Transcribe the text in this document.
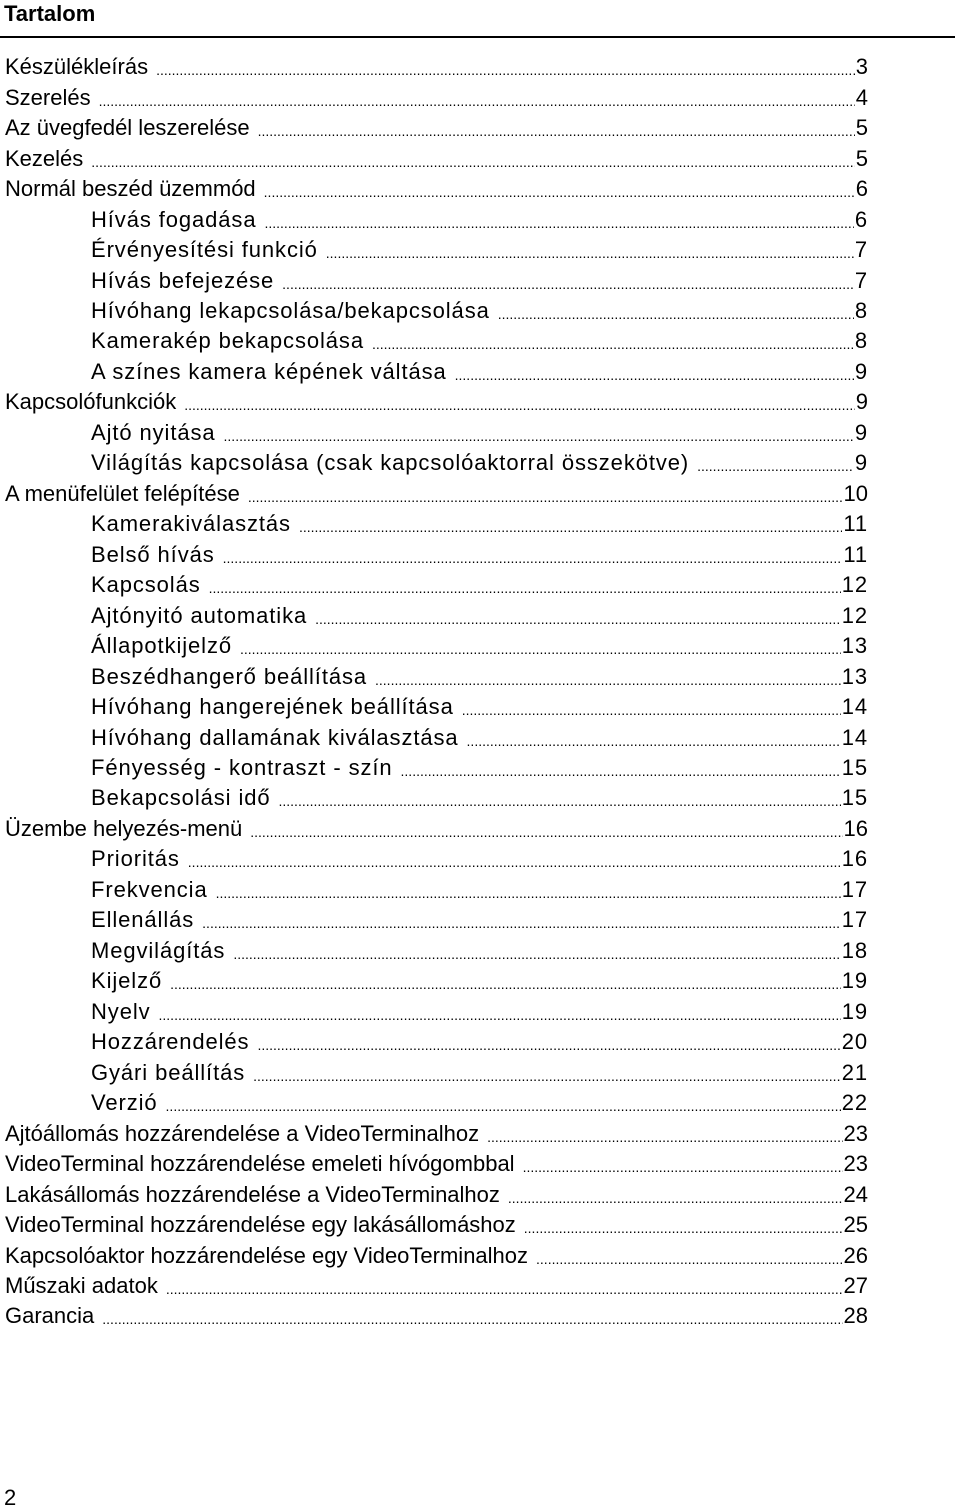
Tartalom
Készülékleírás .....	3
Szerelés .....	4
Az üvegfedél leszerelése .....	5
Kezelés .....	5
Normál beszéd üzemmód .....	6
Hívás fogadása .....	6
Érvényesítési funkció .....	7
Hívás befejezése .....	7
Hívóhang lekapcsolása/bekapcsolása .....	8
Kamerakép bekapcsolása .....	8
A színes kamera képének váltása .....	9
Kapcsolófunkciók .....	9
Ajtó nyitása .....	9
Világítás kapcsolása (csak kapcsolóaktorral összekötve) .....	9
A menüfelület felépítése .....	10
Kamerakiválasztás .....	11
Belső hívás .....	11
Kapcsolás .....	12
Ajtónyitó automatika .....	12
Állapotkijelző .....	13
Beszédhangerő beállítása .....	13
Hívóhang hangerejének beállítása .....	14
Hívóhang dallamának kiválasztása .....	14
Fényesség - kontraszt - szín .....	15
Bekapcsolási idő .....	15
Üzembe helyezés-menü .....	16
Prioritás .....	16
Frekvencia .....	17
Ellenállás .....	17
Megvilágítás .....	18
Kijelző .....	19
Nyelv .....	19
Hozzárendelés .....	20
Gyári beállítás .....	21
Verzió .....	22
Ajtóállomás hozzárendelése a VideoTerminalhoz .....	23
VideoTerminal hozzárendelése emeleti hívógombbal .....	23
Lakásállomás hozzárendelése a VideoTerminalhoz .....	24
VideoTerminal hozzárendelése egy lakásállomáshoz .....	25
Kapcsolóaktor hozzárendelése egy VideoTerminalhoz .....	26
Műszaki adatok .....	27
Garancia .....	28
2
